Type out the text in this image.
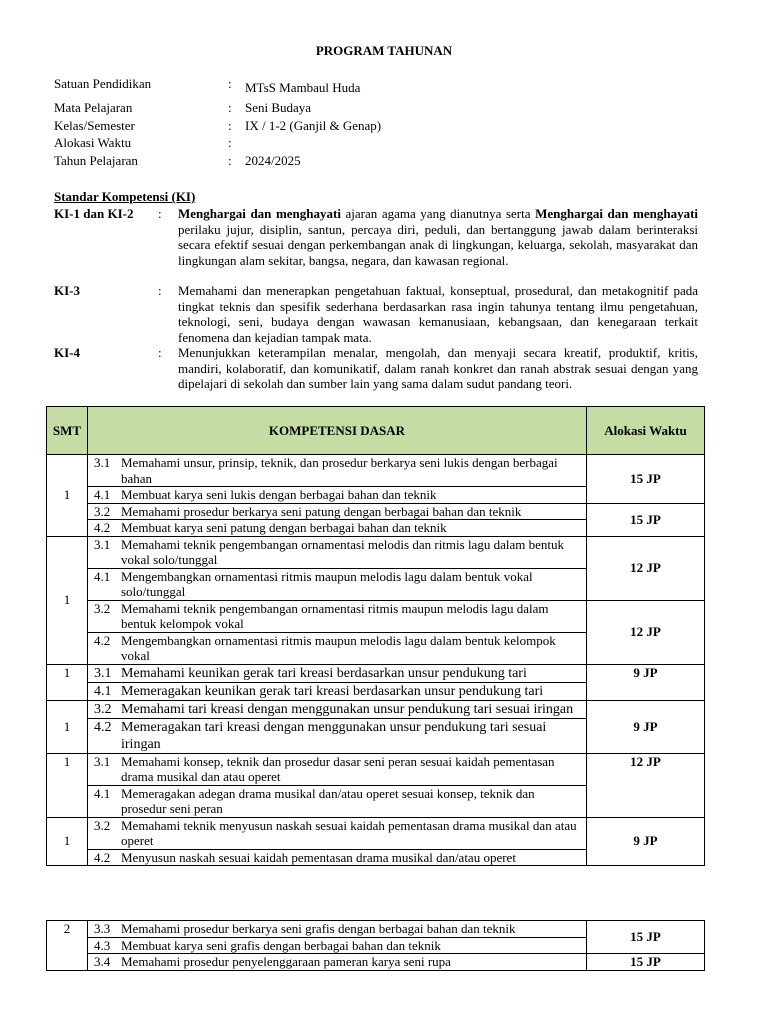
PROGRAM TAHUNAN
Satuan Pendidikan	: MTsS Mambaul Huda
Mata Pelajaran	: Seni Budaya
Kelas/Semester	: IX / 1-2 (Ganjil & Genap)
Alokasi Waktu	:
Tahun Pelajaran	: 2024/2025
Standar Kompetensi (KI)
KI-1 dan KI-2 : Menghargai dan menghayati ajaran agama yang dianutnya serta Menghargai dan menghayati perilaku jujur, disiplin, santun, percaya diri, peduli, dan bertanggung jawab dalam berinteraksi secara efektif sesuai dengan perkembangan anak di lingkungan, keluarga, sekolah, masyarakat dan lingkungan alam sekitar, bangsa, negara, dan kawasan regional.
KI-3	: Memahami dan menerapkan pengetahuan faktual, konseptual, prosedural, dan metakognitif pada tingkat teknis dan spesifik sederhana berdasarkan rasa ingin tahunya tentang ilmu pengetahuan, teknologi, seni, budaya dengan wawasan kemanusiaan, kebangsaan, dan kenegaraan terkait fenomena dan kejadian tampak mata.
KI-4	: Menunjukkan keterampilan menalar, mengolah, dan menyaji secara kreatif, produktif, kritis, mandiri, kolaboratif, dan komunikatif, dalam ranah konkret dan ranah abstrak sesuai dengan yang dipelajari di sekolah dan sumber lain yang sama dalam sudut pandang teori.
SMT	KOMPETENSI DASAR	Alokasi Waktu
1	3.1 Memahami unsur, prinsip, teknik, dan prosedur berkarya seni lukis dengan berbagai bahan
4.1 Membuat karya seni lukis dengan berbagai bahan dan teknik	15 JP

	3.2 Memahami prosedur berkarya seni patung dengan berbagai bahan dan teknik
4.2 Membuat karya seni patung dengan berbagai bahan dan teknik	15 JP
1	3.1 Memahami teknik pengembangan ornamentasi melodis dan ritmis lagu dalam bentuk vokal solo/tunggal
4.1 Mengembangkan ornamentasi ritmis maupun melodis lagu dalam bentuk vokal solo/tunggal	12 JP

	3.2 Memahami teknik pengembangan ornamentasi ritmis maupun melodis lagu dalam bentuk kelompok vokal
4.2 Mengembangkan ornamentasi ritmis maupun melodis lagu dalam bentuk kelompok vokal	12 JP
1	3.1 Memahami keunikan gerak tari kreasi berdasarkan unsur pendukung tari
4.1 Memeragakan keunikan gerak tari kreasi berdasarkan unsur pendukung tari	9 JP
1	3.2 Memahami tari kreasi dengan menggunakan unsur pendukung tari sesuai iringan
4.2 Memeragakan tari kreasi dengan menggunakan unsur pendukung tari sesuai iringan	9 JP
1	3.1 Memahami konsep, teknik dan prosedur dasar seni peran sesuai kaidah pementasan drama musikal dan atau operet
4.1 Memeragakan adegan drama musikal dan/atau operet sesuai konsep, teknik dan prosedur seni peran	12 JP
1	3.2 Memahami teknik menyusun naskah sesuai kaidah pementasan drama musikal dan atau operet
4.2 Menyusun naskah sesuai kaidah pementasan drama musikal dan/atau operet	9 JP
2	3.3 Memahami prosedur berkarya seni grafis dengan berbagai bahan dan teknik
4.3 Membuat karya seni grafis dengan berbagai bahan dan teknik	15 JP

	3.4 Memahami prosedur penyelenggaraan pameran karya seni rupa	15 JP
